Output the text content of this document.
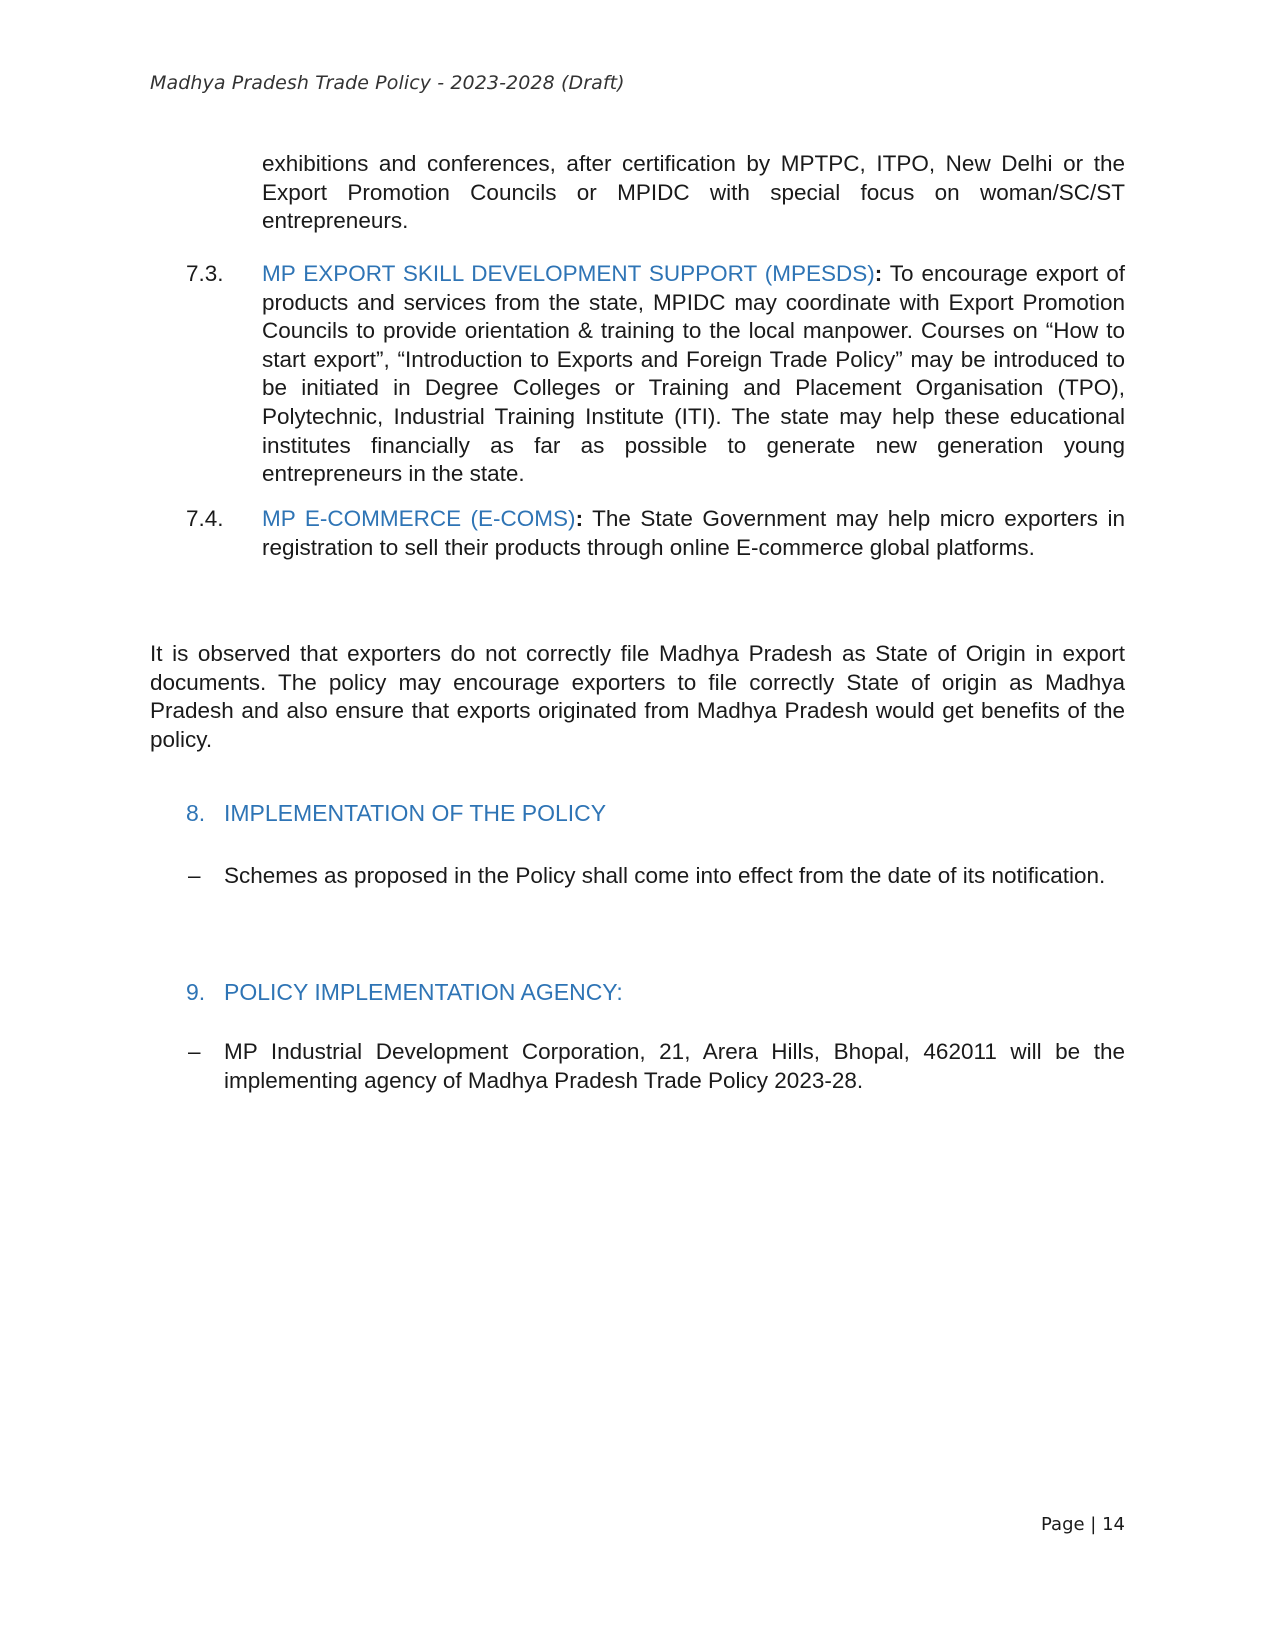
Madhya Pradesh Trade Policy - 2023-2028 (Draft)
exhibitions and conferences, after certification by MPTPC, ITPO, New Delhi or the Export Promotion Councils or MPIDC with special focus on woman/SC/ST entrepreneurs.
7.3.	MP EXPORT SKILL DEVELOPMENT SUPPORT (MPESDS): To encourage export of products and services from the state, MPIDC may coordinate with Export Promotion Councils to provide orientation & training to the local manpower. Courses on “How to start export”, “Introduction to Exports and Foreign Trade Policy” may be introduced to be initiated in Degree Colleges or Training and Placement Organisation (TPO), Polytechnic, Industrial Training Institute (ITI). The state may help these educational institutes financially as far as possible to generate new generation young entrepreneurs in the state.
7.4.	MP E-COMMERCE (E-COMS): The State Government may help micro exporters in registration to sell their products through online E-commerce global platforms.
It is observed that exporters do not correctly file Madhya Pradesh as State of Origin in export documents. The policy may encourage exporters to file correctly State of origin as Madhya Pradesh and also ensure that exports originated from Madhya Pradesh would get benefits of the policy.
8. IMPLEMENTATION OF THE POLICY
– Schemes as proposed in the Policy shall come into effect from the date of its notification.
9. POLICY IMPLEMENTATION AGENCY:
– MP Industrial Development Corporation, 21, Arera Hills, Bhopal, 462011 will be the implementing agency of Madhya Pradesh Trade Policy 2023-28.
Page | 14
